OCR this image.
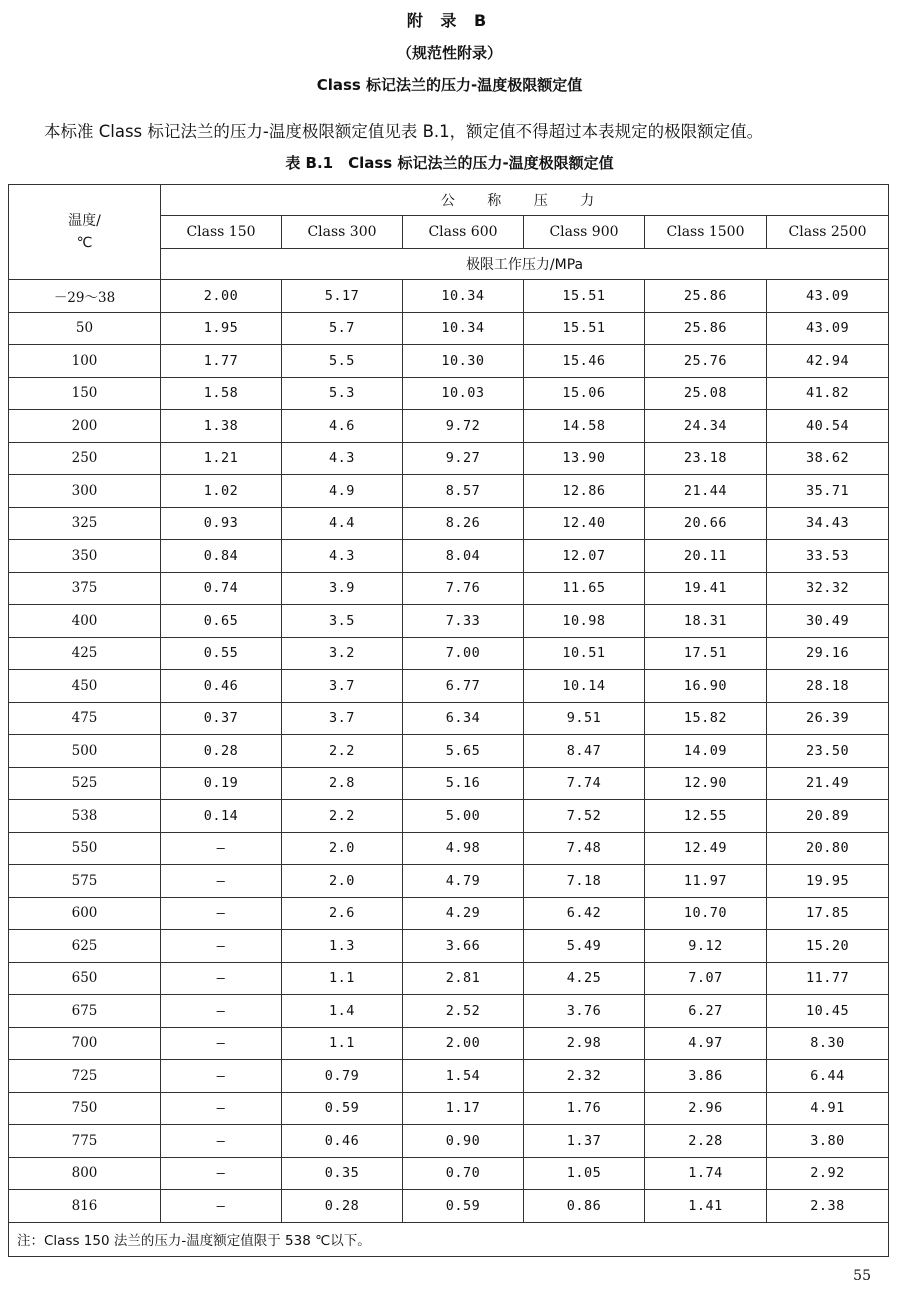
附 录 B
（规范性附录）
Class 标记法兰的压力-温度极限额定值
本标准 Class 标记法兰的压力-温度极限额定值见表 B.1，额定值不得超过本表规定的极限额定值。
表 B.1　Class 标记法兰的压力-温度极限额定值
温度/
℃	公 称 压 力					
	Class 150	Class 300	Class 600	Class 900	Class 1500	Class 2500
	极限工作压力/MPa					
－29～38	2.00	5.17	10.34	15.51	25.86	43.09
50	1.95	5.7	10.34	15.51	25.86	43.09
100	1.77	5.5	10.30	15.46	25.76	42.94
150	1.58	5.3	10.03	15.06	25.08	41.82
200	1.38	4.6	9.72	14.58	24.34	40.54
250	1.21	4.3	9.27	13.90	23.18	38.62
300	1.02	4.9	8.57	12.86	21.44	35.71
325	0.93	4.4	8.26	12.40	20.66	34.43
350	0.84	4.3	8.04	12.07	20.11	33.53
375	0.74	3.9	7.76	11.65	19.41	32.32
400	0.65	3.5	7.33	10.98	18.31	30.49
425	0.55	3.2	7.00	10.51	17.51	29.16
450	0.46	3.7	6.77	10.14	16.90	28.18
475	0.37	3.7	6.34	9.51	15.82	26.39
500	0.28	2.2	5.65	8.47	14.09	23.50
525	0.19	2.8	5.16	7.74	12.90	21.49
538	0.14	2.2	5.00	7.52	12.55	20.89
550	—	2.0	4.98	7.48	12.49	20.80
575	—	2.0	4.79	7.18	11.97	19.95
600	—	2.6	4.29	6.42	10.70	17.85
625	—	1.3	3.66	5.49	9.12	15.20
650	—	1.1	2.81	4.25	7.07	11.77
675	—	1.4	2.52	3.76	6.27	10.45
700	—	1.1	2.00	2.98	4.97	8.30
725	—	0.79	1.54	2.32	3.86	6.44
750	—	0.59	1.17	1.76	2.96	4.91
775	—	0.46	0.90	1.37	2.28	3.80
800	—	0.35	0.70	1.05	1.74	2.92
816	—	0.28	0.59	0.86	1.41	2.38
注：Class 150 法兰的压力-温度额定值限于 538 ℃以下。						
55
